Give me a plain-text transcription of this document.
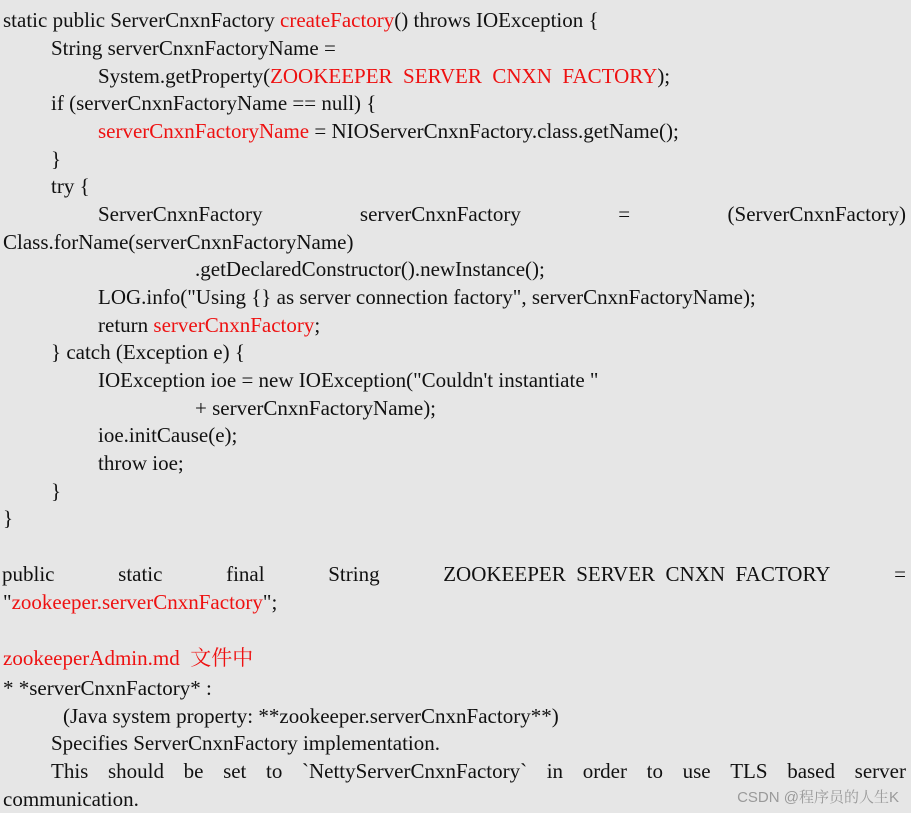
static public ServerCnxnFactory createFactory() throws IOException {
String serverCnxnFactoryName =
System.getProperty(ZOOKEEPER  SERVER  CNXN  FACTORY);
if (serverCnxnFactoryName == null) {
serverCnxnFactoryName = NIOServerCnxnFactory.class.getName();
}
try {
ServerCnxnFactory	serverCnxnFactory	=	(ServerCnxnFactory)
Class.forName(serverCnxnFactoryName)
.getDeclaredConstructor().newInstance();
LOG.info("Using {} as server connection factory", serverCnxnFactoryName);
return serverCnxnFactory;
} catch (Exception e) {
IOException ioe = new IOException("Couldn't instantiate "
+ serverCnxnFactoryName);
ioe.initCause(e);
throw ioe;
}
}
public	static	final	String	ZOOKEEPER  SERVER  CNXN  FACTORY	=
"zookeeper.serverCnxnFactory";
zookeeperAdmin.md  文件中
* *serverCnxnFactory* :
(Java system property: **zookeeper.serverCnxnFactory**)
Specifies ServerCnxnFactory implementation.
This should be set to `NettyServerCnxnFactory` in order to use TLS based server
communication.	CSDN @程序员的人生K
